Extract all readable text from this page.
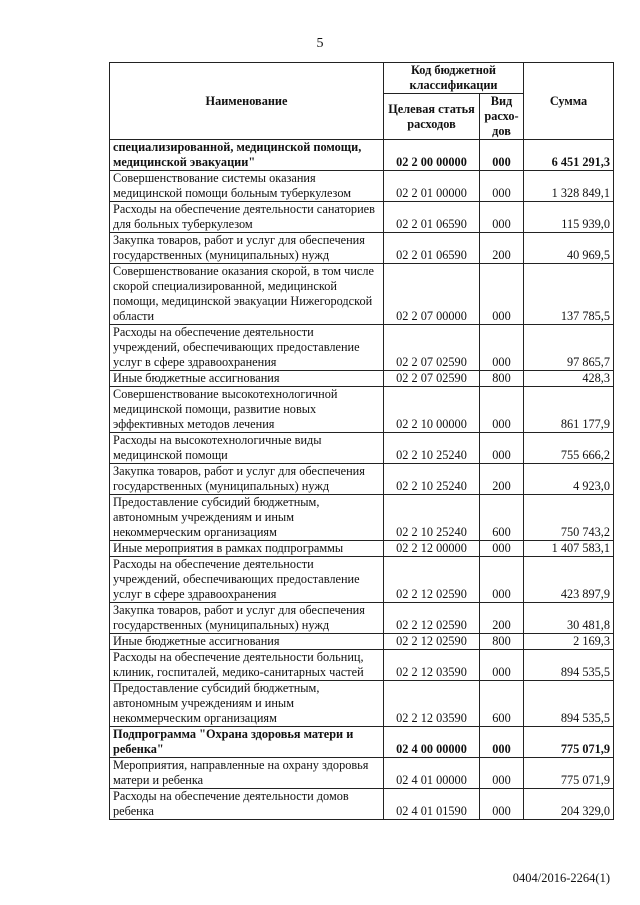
5
Наименование	Код бюджетной классификации		Сумма
	Целевая статья расходов	Вид расхо-дов	
специализированной, медицинской помощи, медицинской эвакуации"	02 2 00 00000	000	6 451 291,3
Совершенствование системы оказания медицинской помощи больным туберкулезом	02 2 01 00000	000	1 328 849,1
Расходы на обеспечение деятельности санаториев для больных туберкулезом	02 2 01 06590	000	115 939,0
Закупка товаров, работ и услуг для обеспечения государственных (муниципальных) нужд	02 2 01 06590	200	40 969,5
Совершенствование оказания скорой, в том числе скорой специализированной, медицинской помощи, медицинской эвакуации Нижегородской области	02 2 07 00000	000	137 785,5
Расходы на обеспечение деятельности учреждений, обеспечивающих предоставление услуг в сфере здравоохранения	02 2 07 02590	000	97 865,7
Иные бюджетные ассигнования	02 2 07 02590	800	428,3
Совершенствование высокотехнологичной медицинской помощи, развитие новых эффективных методов лечения	02 2 10 00000	000	861 177,9
Расходы на высокотехнологичные виды медицинской помощи	02 2 10 25240	000	755 666,2
Закупка товаров, работ и услуг для обеспечения государственных (муниципальных) нужд	02 2 10 25240	200	4 923,0
Предоставление субсидий бюджетным, автономным учреждениям и иным некоммерческим организациям	02 2 10 25240	600	750 743,2
Иные мероприятия в рамках подпрограммы	02 2 12 00000	000	1 407 583,1
Расходы на обеспечение деятельности учреждений, обеспечивающих предоставление услуг в сфере здравоохранения	02 2 12 02590	000	423 897,9
Закупка товаров, работ и услуг для обеспечения государственных (муниципальных) нужд	02 2 12 02590	200	30 481,8
Иные бюджетные ассигнования	02 2 12 02590	800	2 169,3
Расходы на обеспечение деятельности больниц, клиник, госпиталей, медико-санитарных частей	02 2 12 03590	000	894 535,5
Предоставление субсидий бюджетным, автономным учреждениям и иным некоммерческим организациям	02 2 12 03590	600	894 535,5
Подпрограмма "Охрана здоровья матери и ребенка"	02 4 00 00000	000	775 071,9
Мероприятия, направленные на охрану здоровья матери и ребенка	02 4 01 00000	000	775 071,9
Расходы на обеспечение деятельности домов ребенка	02 4 01 01590	000	204 329,0
0404/2016-2264(1)
